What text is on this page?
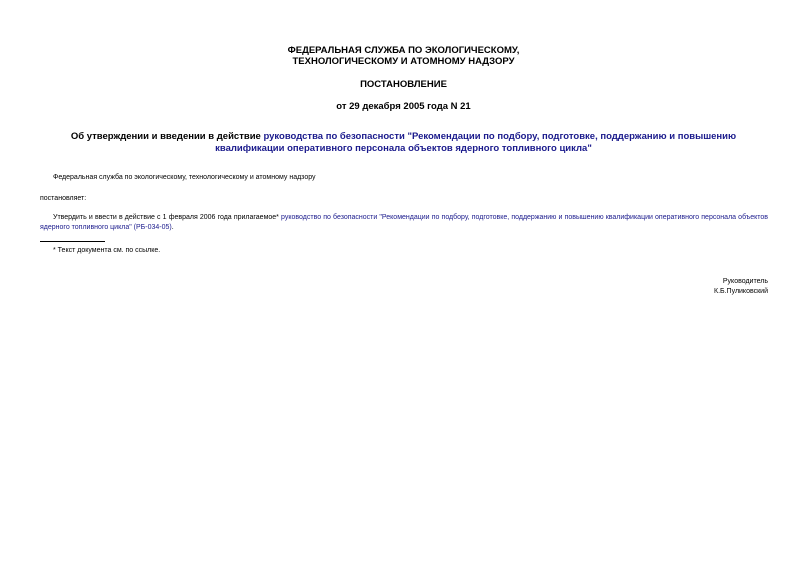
ФЕДЕРАЛЬНАЯ СЛУЖБА ПО ЭКОЛОГИЧЕСКОМУ,
ТЕХНОЛОГИЧЕСКОМУ И АТОМНОМУ НАДЗОРУ
ПОСТАНОВЛЕНИЕ
от 29 декабря 2005 года N 21
Об утверждении и введении в действие руководства по безопасности "Рекомендации по подбору, подготовке, поддержанию и повышению квалификации оперативного персонала объектов ядерного топливного цикла"
Федеральная служба по экологическому, технологическому и атомному надзору
постановляет:
Утвердить и ввести в действие с 1 февраля 2006 года прилагаемое* руководство по безопасности "Рекомендации по подбору, подготовке, поддержанию и повышению квалификации оперативного персонала объектов ядерного топливного цикла" (РБ-034-05).
* Текст документа см. по ссылке.
Руководитель
К.Б.Пуликовский
